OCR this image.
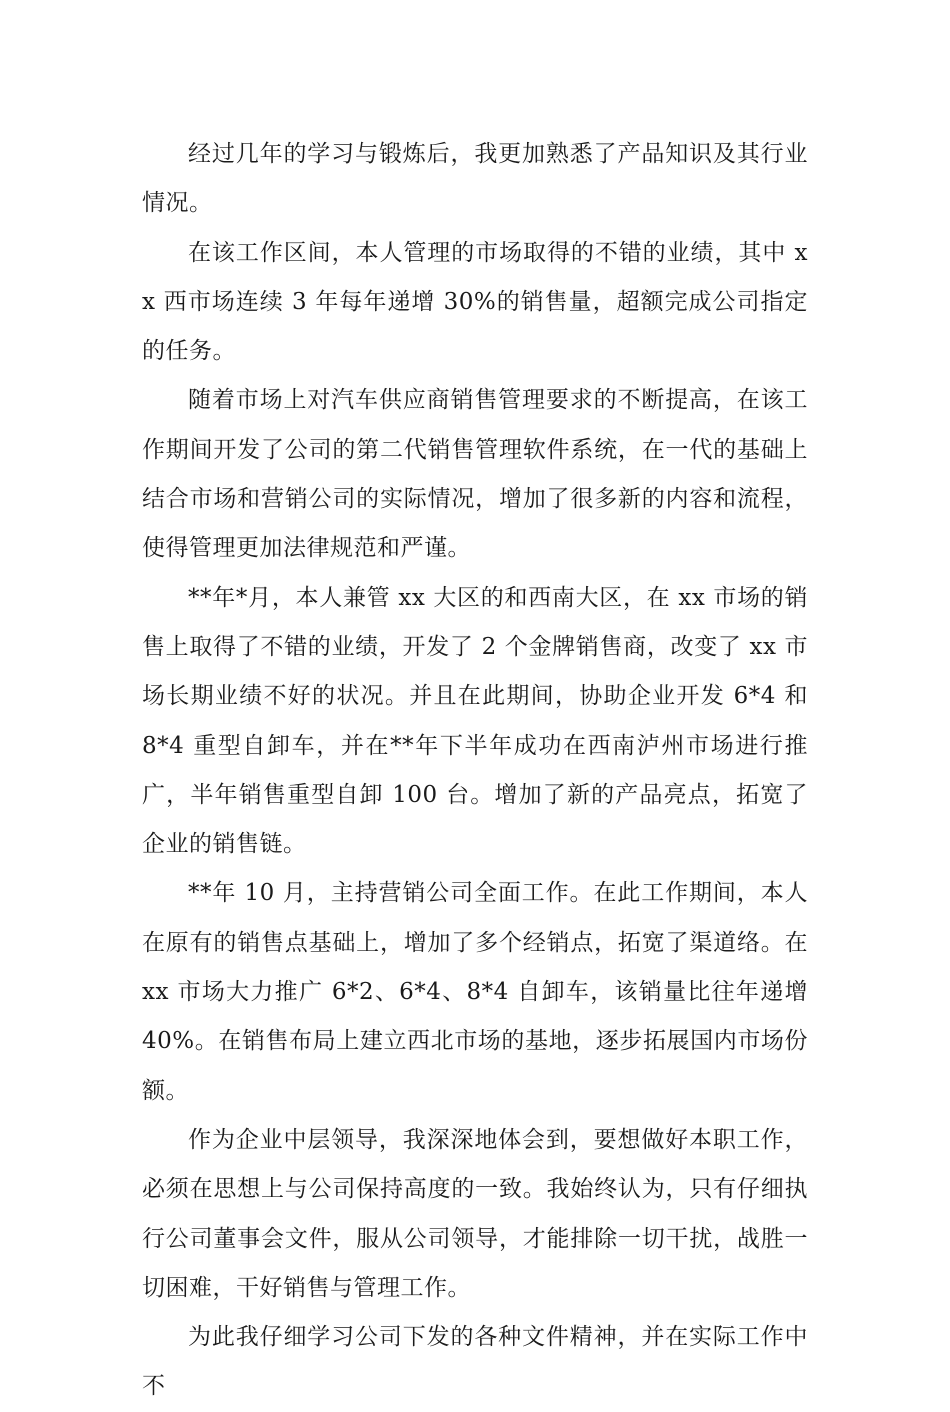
经过几年的学习与锻炼后，我更加熟悉了产品知识及其行业情况。

在该工作区间，本人管理的市场取得的不错的业绩，其中 xx 西市场连续 3 年每年递增 30%的销售量，超额完成公司指定的任务。

随着市场上对汽车供应商销售管理要求的不断提高，在该工作期间开发了公司的第二代销售管理软件系统，在一代的基础上结合市场和营销公司的实际情况，增加了很多新的内容和流程，使得管理更加法律规范和严谨。

**年*月，本人兼管 xx 大区的和西南大区，在 xx 市场的销售上取得了不错的业绩，开发了 2 个金牌销售商，改变了 xx 市场长期业绩不好的状况。并且在此期间，协助企业开发 6*4 和 8*4 重型自卸车，并在**年下半年成功在西南泸州市场进行推广，半年销售重型自卸 100 台。增加了新的产品亮点，拓宽了企业的销售链。

**年 10 月，主持营销公司全面工作。在此工作期间，本人在原有的销售点基础上，增加了多个经销点，拓宽了渠道络。在 xx 市场大力推广 6*2、6*4、8*4 自卸车，该销量比往年递增 40%。在销售布局上建立西北市场的基地，逐步拓展国内市场份额。

作为企业中层领导，我深深地体会到，要想做好本职工作，必须在思想上与公司保持高度的一致。我始终认为，只有仔细执行公司董事会文件，服从公司领导，才能排除一切干扰，战胜一切困难，干好销售与管理工作。

为此我仔细学习公司下发的各种文件精神，并在实际工作中不
